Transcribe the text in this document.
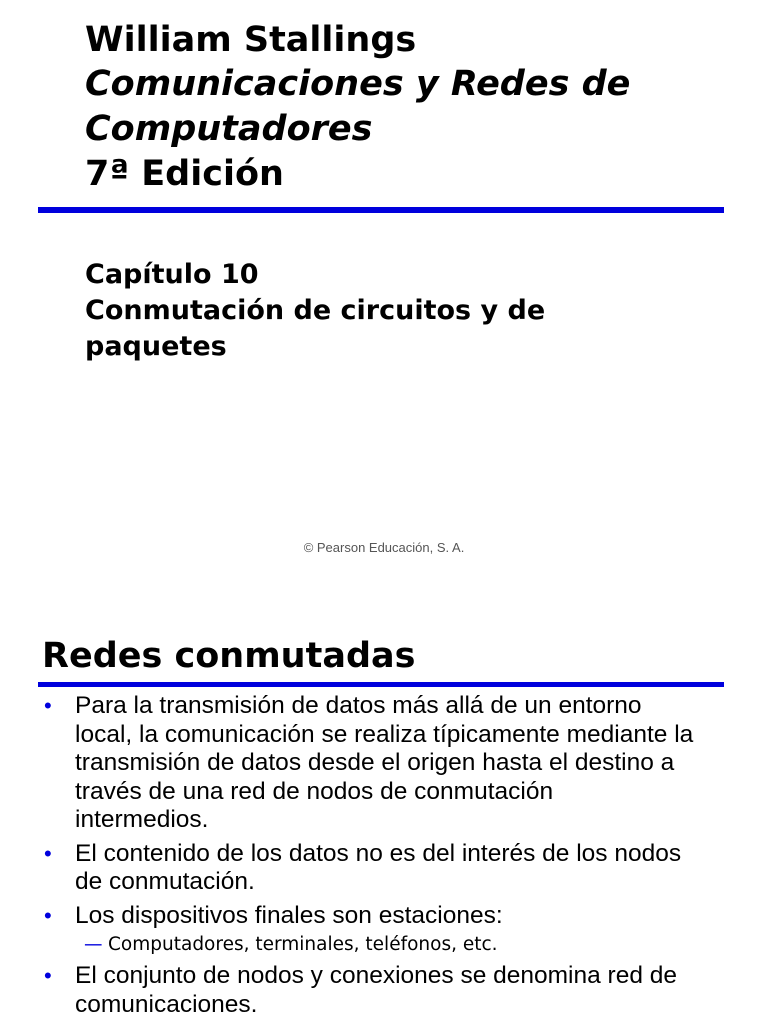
William Stallings
Comunicaciones y Redes de
Computadores
7ª Edición
Capítulo 10
Conmutación de circuitos y de
paquetes
© Pearson Educación, S. A.
Redes conmutadas
• Para la transmisión de datos más allá de un entorno
local, la comunicación se realiza típicamente mediante la
transmisión de datos desde el origen hasta el destino a
través de una red de nodos de conmutación
intermedios.
• El contenido de los datos no es del interés de los nodos
de conmutación.
• Los dispositivos finales son estaciones:
— Computadores, terminales, teléfonos, etc.
• El conjunto de nodos y conexiones se denomina red de
comunicaciones.
